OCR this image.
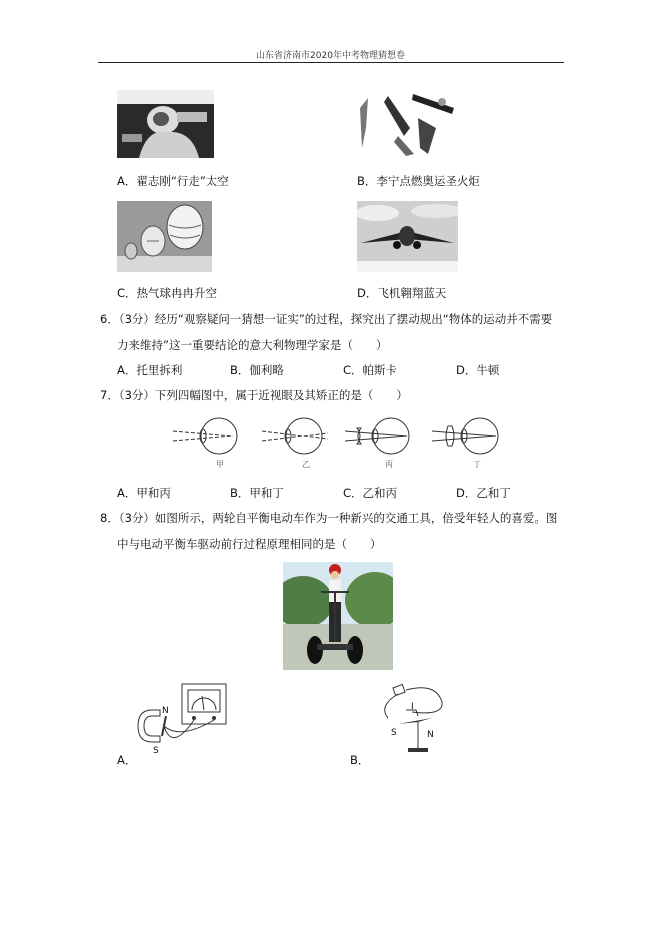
山东省济南市2020年中考物理猜想卷
A．翟志刚“行走”太空	B．李宁点燃奥运圣火炬
C．热气球冉冉升空	D．飞机翱翔蓝天
6．（3分）经历“观察疑问一猜想一证实”的过程，探究出了摆动规出“物体的运动并不需要
力来维持”这一重要结论的意大利物理学家是（　　）
A．托里拆利	B．伽利略	C．帕斯卡	D．牛顿
7．（3分）下列四幅图中，属于近视眼及其矫正的是（　　）
甲	乙	丙	丁
A．甲和丙	B．甲和丁	C．乙和丙	D．乙和丁
8．（3分）如图所示，两轮自平衡电动车作为一种新兴的交通工具，倍受年轻人的喜爱。图
中与电动平衡车驱动前行过程原理相同的是（　　）
N
S
A．
I
S	N
B．
